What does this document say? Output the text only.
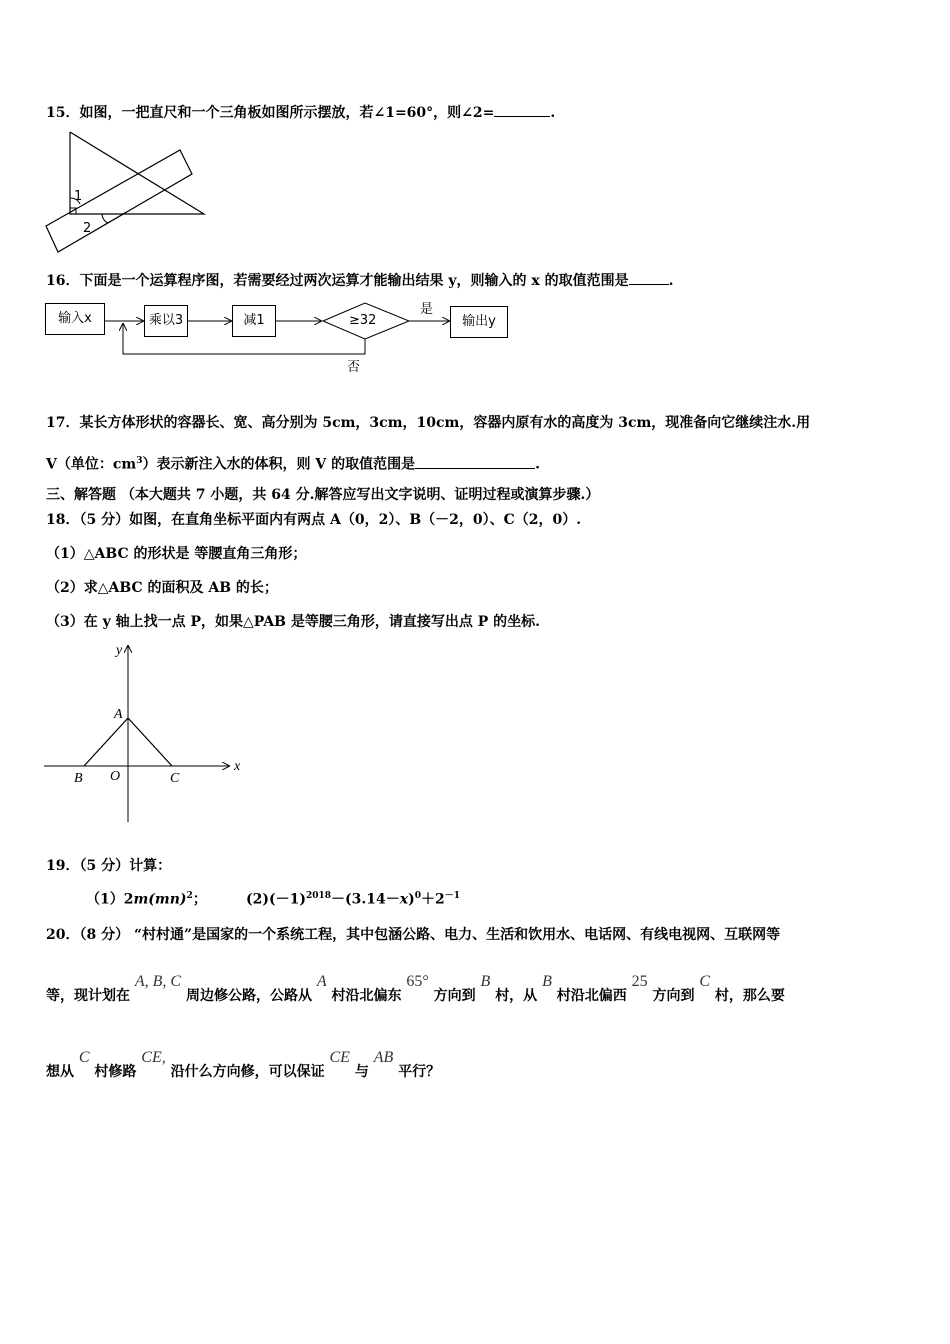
15．如图，一把直尺和一个三角板如图所示摆放，若∠1=60°，则∠2=	.
1
2
16．下面是一个运算程序图，若需要经过两次运算才能输出结果 y，则输入的 x 的取值范围是	.
输入x	乘以3	减1	≥32	输出y
是
否
17．某长方体形状的容器长、宽、高分别为 5cm，3cm，10cm，容器内原有水的高度为 3cm，现准备向它继续注水.用
V（单位：$cm^3$）表示新注入水的体积，则 V 的取值范围是	.
三、解答题 （本大题共 7 小题，共 64 分.解答应写出文字说明、证明过程或演算步骤.）
18．（5 分）如图，在直角坐标平面内有两点 A（0，2）、B（－2，0）、C（2，0）.
（1）△ABC 的形状是 等腰直角三角形；
（2）求△ABC 的面积及 AB 的长；
（3）在 y 轴上找一点 P，如果△PAB 是等腰三角形，请直接写出点 P 的坐标.
y
x
A
B O	C
19．（5 分）计算：
（1）2m(mn)$^2$；	$(2)(-1)^{2018}-(3.14-x)^0+2^{-1}$
20．（8 分） “村村通”是国家的一个系统工程，其中包涵公路、电力、生活和饮用水、电话网、有线电视网、互联网等
等，现计划在 A, B, C 周边修公路，公路从 A 村沿北偏东 65° 方向到 B 村，从 B 村沿北偏西 25 方向到 C 村，那么要
想从 C 村修路 CE, 沿什么方向修，可以保证 CE 与 AB 平行？
